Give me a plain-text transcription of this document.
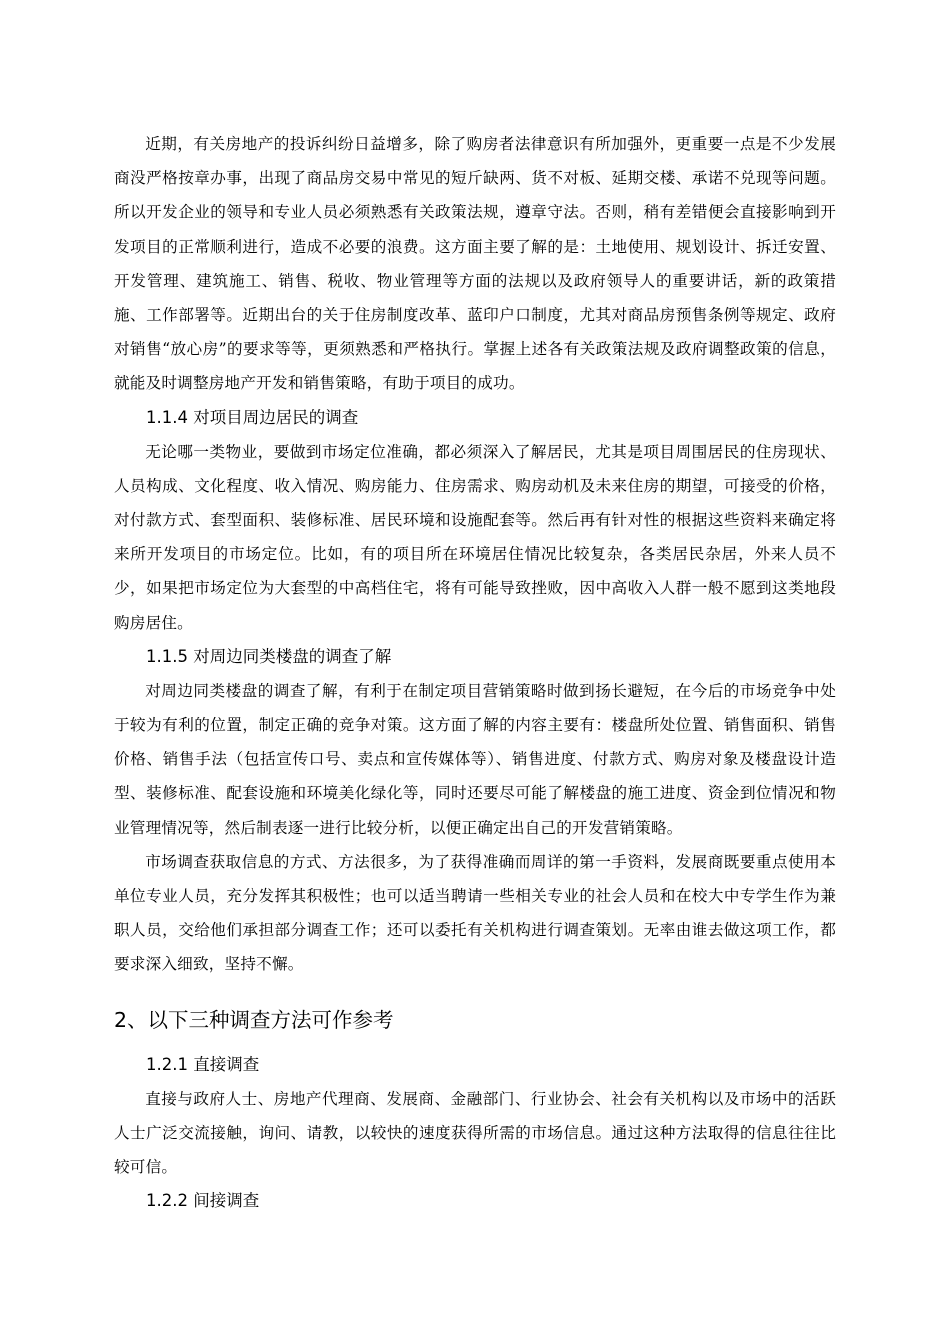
近期，有关房地产的投诉纠纷日益增多，除了购房者法律意识有所加强外，更重要一点是不少发展商没严格按章办事，出现了商品房交易中常见的短斤缺两、货不对板、延期交楼、承诺不兑现等问题。所以开发企业的领导和专业人员必须熟悉有关政策法规，遵章守法。否则，稍有差错便会直接影响到开发项目的正常顺利进行，造成不必要的浪费。这方面主要了解的是：土地使用、规划设计、拆迁安置、开发管理、建筑施工、销售、税收、物业管理等方面的法规以及政府领导人的重要讲话，新的政策措施、工作部署等。近期出台的关于住房制度改革、蓝印户口制度，尤其对商品房预售条例等规定、政府对销售“放心房”的要求等等，更须熟悉和严格执行。掌握上述各有关政策法规及政府调整政策的信息，就能及时调整房地产开发和销售策略，有助于项目的成功。

1.1.4 对项目周边居民的调查

无论哪一类物业，要做到市场定位准确，都必须深入了解居民，尤其是项目周围居民的住房现状、人员构成、文化程度、收入情况、购房能力、住房需求、购房动机及未来住房的期望，可接受的价格，对付款方式、套型面积、装修标准、居民环境和设施配套等。然后再有针对性的根据这些资料来确定将来所开发项目的市场定位。比如，有的项目所在环境居住情况比较复杂，各类居民杂居，外来人员不少，如果把市场定位为大套型的中高档住宅，将有可能导致挫败，因中高收入人群一般不愿到这类地段购房居住。

1.1.5 对周边同类楼盘的调查了解

对周边同类楼盘的调查了解，有利于在制定项目营销策略时做到扬长避短，在今后的市场竞争中处于较为有利的位置，制定正确的竞争对策。这方面了解的内容主要有：楼盘所处位置、销售面积、销售价格、销售手法（包括宣传口号、卖点和宣传媒体等）、销售进度、付款方式、购房对象及楼盘设计造型、装修标准、配套设施和环境美化绿化等，同时还要尽可能了解楼盘的施工进度、资金到位情况和物业管理情况等，然后制表逐一进行比较分析，以便正确定出自己的开发营销策略。

市场调查获取信息的方式、方法很多，为了获得准确而周详的第一手资料，发展商既要重点使用本单位专业人员，充分发挥其积极性；也可以适当聘请一些相关专业的社会人员和在校大中专学生作为兼职人员，交给他们承担部分调查工作；还可以委托有关机构进行调查策划。无率由谁去做这项工作，都要求深入细致，坚持不懈。

2、以下三种调查方法可作参考

1.2.1 直接调查

直接与政府人士、房地产代理商、发展商、金融部门、行业协会、社会有关机构以及市场中的活跃人士广泛交流接触，询问、请教，以较快的速度获得所需的市场信息。通过这种方法取得的信息往往比较可信。

1.2.2 间接调查
